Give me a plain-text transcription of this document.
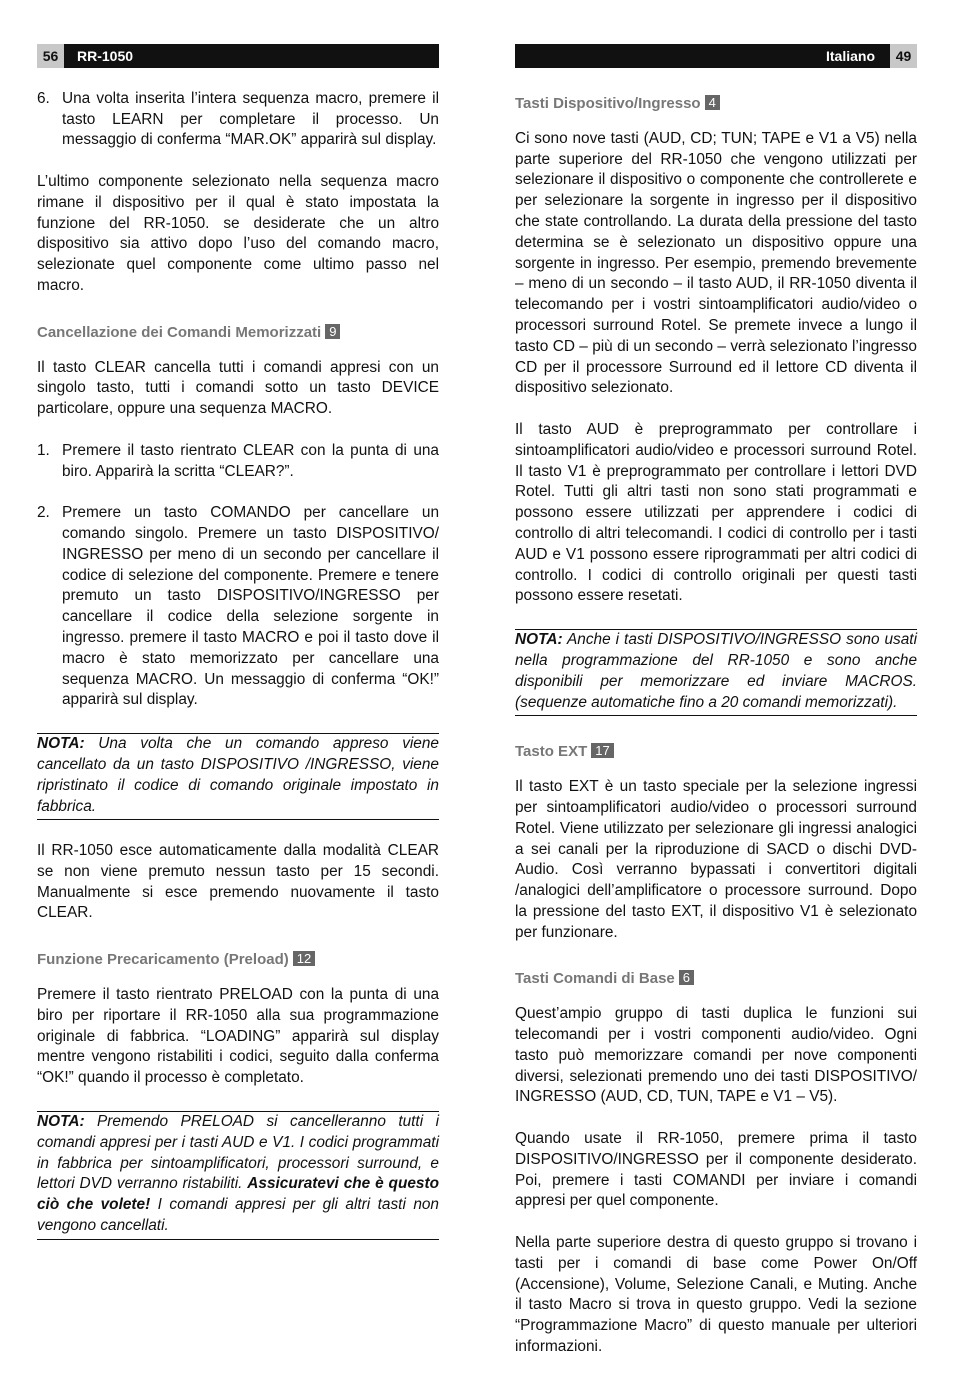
56	RR-1050
6. Una volta inserita l’intera sequenza macro, premere il tasto LEARN per completare il processo. Un messaggio di conferma “MAR.OK” apparirà sul display.

L’ultimo componente selezionato nella sequenza macro rimane il dispositivo per il qual è stato impostata la funzione del RR-1050. se desiderate che un altro dispositivo sia attivo dopo l’uso del comando macro, selezionate quel componente come ultimo passo nel macro.

Cancellazione dei Comandi Memorizzati 9

Il tasto CLEAR cancella tutti i comandi appresi con un singolo tasto, tutti i comandi sotto un tasto DEVICE particolare, oppure una sequenza MACRO.

1. Premere il tasto rientrato CLEAR con la punta di una biro. Apparirà la scritta “CLEAR?”.
2. Premere un tasto COMANDO per cancellare un comando singolo. Premere un tasto DISPOSITIVO/ INGRESSO per meno di un secondo per cancellare il codice di selezione del componente. Premere e tenere premuto un tasto DISPOSITIVO/INGRESSO per cancellare il codice della selezione sorgente in ingresso. premere il tasto MACRO e poi il tasto dove il macro è stato memorizzato per cancellare una sequenza MACRO. Un messaggio di conferma “OK!” apparirà sul display.
NOTA: Una volta che un comando appreso viene cancellato da un tasto DISPOSITIVO /INGRESSO, viene ripristinato il codice di comando originale impostato in fabbrica.

Il RR-1050 esce automaticamente dalla modalità CLEAR se non viene premuto nessun tasto per 15 secondi. Manualmente si esce premendo nuovamente il tasto CLEAR.

Funzione Precaricamento (Preload) 12

Premere il tasto rientrato PRELOAD con la punta di una biro per riportare il RR-1050 alla sua programmazione originale di fabbrica. “LOADING” apparirà sul display mentre vengono ristabiliti i codici, seguito dalla conferma “OK!” quando il processo è completato.

NOTA: Premendo PRELOAD si cancelleranno tutti i comandi appresi per i tasti AUD e V1. I codici programmati in fabbrica per sintoamplificatori, processori surround, e lettori DVD verranno ristabiliti. Assicuratevi che è questo ciò che volete! I comandi appresi per gli altri tasti non vengono cancellati.
Italiano	49
Tasti Dispositivo/Ingresso 4

Ci sono nove tasti (AUD, CD; TUN; TAPE e V1 a V5) nella parte superiore del RR-1050 che vengono utilizzati per selezionare il dispositivo o componente che controllerete e per selezionare la sorgente in ingresso per il dispositivo che state controllando. La durata della pressione del tasto determina se è selezionato un dispositivo oppure una sorgente in ingresso. Per esempio, premendo brevemente – meno di un secondo – il tasto AUD, il RR-1050 diventa il telecomando per i vostri sintoamplificatori audio/video o processori surround Rotel. Se premete invece a lungo il tasto CD – più di un secondo – verrà selezionato l’ingresso CD per il processore Surround ed il lettore CD diventa il dispositivo selezionato.

Il tasto AUD è preprogrammato per controllare i sintoamplificatori audio/video e processori surround Rotel. Il tasto V1 è preprogrammato per controllare i lettori DVD Rotel. Tutti gli altri tasti non sono stati programmati e possono essere utilizzati per apprendere i codici di controllo di altri telecomandi. I codici di controllo per i tasti AUD e V1 possono essere riprogrammati per altri codici di controllo. I codici di controllo originali per questi tasti possono essere resetati.

NOTA: Anche i tasti DISPOSITIVO/INGRESSO sono usati nella programmazione del RR-1050 e sono anche disponibili per memorizzare ed inviare MACROS. (sequenze automatiche fino a 20 comandi memorizzati).
Tasto EXT 17

Il tasto EXT è un tasto speciale per la selezione ingressi per sintoamplificatori audio/video o processori surround Rotel. Viene utilizzato per selezionare gli ingressi analogici a sei canali per la riproduzione di SACD o dischi DVD-Audio. Così verranno bypassati i convertitori digitali /analogici dell’amplificatore o processore surround. Dopo la pressione del tasto EXT, il dispositivo V1 è selezionato per funzionare.

Tasti Comandi di Base 6

Quest’ampio gruppo di tasti duplica le funzioni sui telecomandi per i vostri componenti audio/video. Ogni tasto può memorizzare comandi per nove componenti diversi, selezionati premendo uno dei tasti DISPOSITIVO/ INGRESSO (AUD, CD, TUN, TAPE e V1 – V5).

Quando usate il RR-1050, premere prima il tasto DISPOSITIVO/INGRESSO per il componente desiderato. Poi, premere i tasti COMANDI per inviare i comandi appresi per quel componente.

Nella parte superiore destra di questo gruppo si trovano i tasti per i comandi di base come Power On/Off (Accensione), Volume, Selezione Canali, e Muting. Anche il tasto Macro si trova in questo gruppo. Vedi la sezione “Programmazione Macro” di questo manuale per ulteriori informazioni.
